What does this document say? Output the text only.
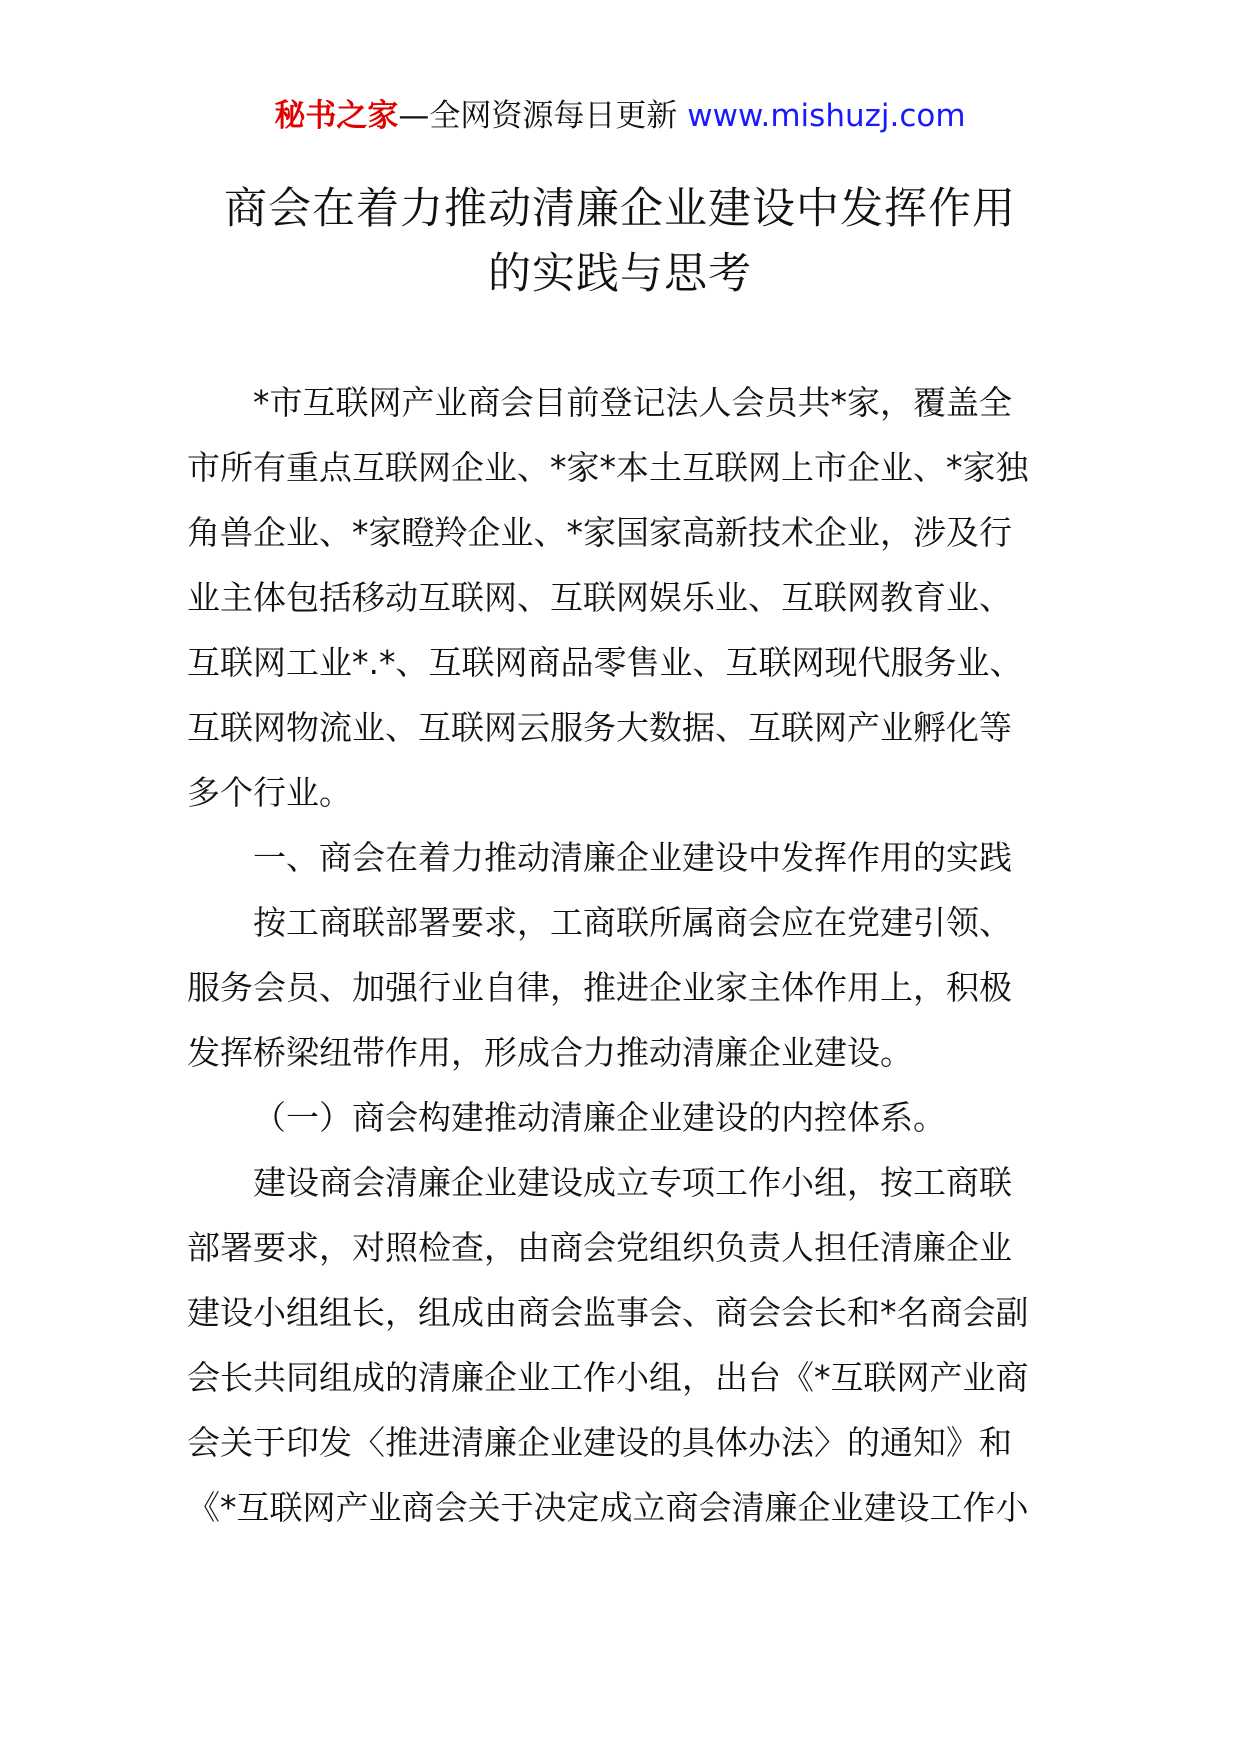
秘书之家—全网资源每日更新 www.mishuzj.com
商会在着力推动清廉企业建设中发挥作用
的实践与思考
*市互联网产业商会目前登记法人会员共*家，覆盖全
市所有重点互联网企业、*家*本土互联网上市企业、*家独
角兽企业、*家瞪羚企业、*家国家高新技术企业，涉及行
业主体包括移动互联网、互联网娱乐业、互联网教育业、
互联网工业*.*、互联网商品零售业、互联网现代服务业、
互联网物流业、互联网云服务大数据、互联网产业孵化等
多个行业。
一、商会在着力推动清廉企业建设中发挥作用的实践
按工商联部署要求，工商联所属商会应在党建引领、
服务会员、加强行业自律，推进企业家主体作用上，积极
发挥桥梁纽带作用，形成合力推动清廉企业建设。
（一）商会构建推动清廉企业建设的内控体系。
建设商会清廉企业建设成立专项工作小组，按工商联
部署要求，对照检查，由商会党组织负责人担任清廉企业
建设小组组长，组成由商会监事会、商会会长和*名商会副
会长共同组成的清廉企业工作小组，出台《*互联网产业商
会关于印发〈推进清廉企业建设的具体办法〉的通知》和
《*互联网产业商会关于决定成立商会清廉企业建设工作小
